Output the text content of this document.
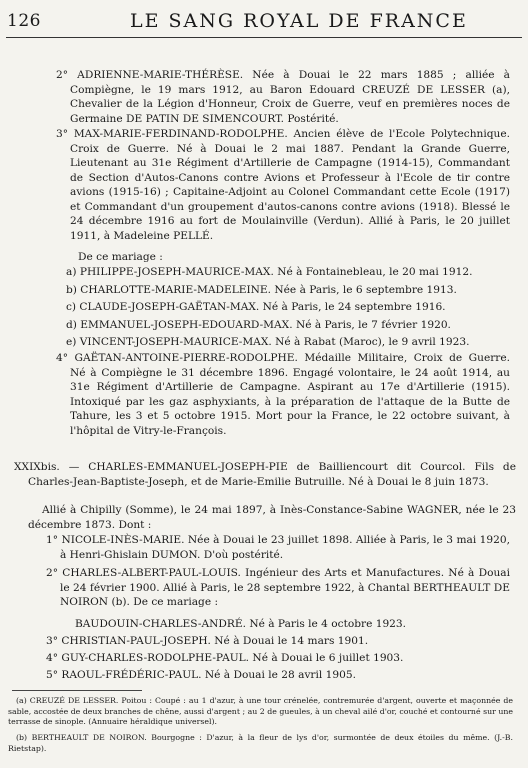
126	LE SANG ROYAL DE FRANCE
2° ADRIENNE-MARIE-THÉRÈSE. Née à Douai le 22 mars 1885 ; alliée à Compiègne, le 19 mars 1912, au Baron Edouard CREUZÉ DE LESSER (a), Chevalier de la Légion d'Honneur, Croix de Guerre, veuf en premières noces de Germaine DE PATIN DE SIMENCOURT. Postérité.
3° MAX-MARIE-FERDINAND-RODOLPHE. Ancien élève de l'Ecole Polytechnique. Croix de Guerre. Né à Douai le 2 mai 1887. Pendant la Grande Guerre, Lieutenant au 31e Régiment d'Artillerie de Campagne (1914-15), Commandant de Section d'Autos-Canons contre Avions et Professeur à l'Ecole de tir contre avions (1915-16) ; Capitaine-Adjoint au Colonel Commandant cette Ecole (1917) et Commandant d'un groupement d'autos-canons contre avions (1918). Blessé le 24 décembre 1916 au fort de Moulainville (Verdun). Allié à Paris, le 20 juillet 1911, à Madeleine PELLÉ.
De ce mariage :
a) PHILIPPE-JOSEPH-MAURICE-MAX. Né à Fontainebleau, le 20 mai 1912.
b) CHARLOTTE-MARIE-MADELEINE. Née à Paris, le 6 septembre 1913.
c) CLAUDE-JOSEPH-GAËTAN-MAX. Né à Paris, le 24 septembre 1916.
d) EMMANUEL-JOSEPH-EDOUARD-MAX. Né à Paris, le 7 février 1920.
e) VINCENT-JOSEPH-MAURICE-MAX. Né à Rabat (Maroc), le 9 avril 1923.
4° GAËTAN-ANTOINE-PIERRE-RODOLPHE. Médaille Militaire, Croix de Guerre. Né à Compiègne le 31 décembre 1896. Engagé volontaire, le 24 août 1914, au 31e Régiment d'Artillerie de Campagne. Aspirant au 17e d'Artillerie (1915). Intoxiqué par les gaz asphyxiants, à la préparation de l'attaque de la Butte de Tahure, les 3 et 5 octobre 1915. Mort pour la France, le 22 octobre suivant, à l'hôpital de Vitry-le-François.
XXIXbis. — CHARLES-EMMANUEL-JOSEPH-PIE de Bailliencourt dit Courcol. Fils de Charles-Jean-Baptiste-Joseph, et de Marie-Emilie Butruille. Né à Douai le 8 juin 1873.
Allié à Chipilly (Somme), le 24 mai 1897, à Inès-Constance-Sabine WAGNER, née le 23 décembre 1873. Dont :
1° NICOLE-INÈS-MARIE. Née à Douai le 23 juillet 1898. Alliée à Paris, le 3 mai 1920, à Henri-Ghislain DUMON. D'où postérité.
2° CHARLES-ALBERT-PAUL-LOUIS. Ingénieur des Arts et Manufactures. Né à Douai le 24 février 1900. Allié à Paris, le 28 septembre 1922, à Chantal BERTHEAULT DE NOIRON (b). De ce mariage :
BAUDOUIN-CHARLES-ANDRÉ. Né à Paris le 4 octobre 1923.
3° CHRISTIAN-PAUL-JOSEPH. Né à Douai le 14 mars 1901.
4° GUY-CHARLES-RODOLPHE-PAUL. Né à Douai le 6 juillet 1903.
5° RAOUL-FRÉDÉRIC-PAUL. Né à Douai le 28 avril 1905.
(a) CREUZÉ DE LESSER. Poitou : Coupé : au 1 d'azur, à une tour crénelée, contremurée d'argent, ouverte et maçonnée de sable, accostée de deux branches de chêne, aussi d'argent ; au 2 de gueules, à un cheval ailé d'or, couché et contourné sur une terrasse de sinople. (Annuaire héraldique universel).
(b) BERTHEAULT DE NOIRON. Bourgogne : D'azur, à la fleur de lys d'or, surmontée de deux étoiles du même. (J.-B. Rietstap).
